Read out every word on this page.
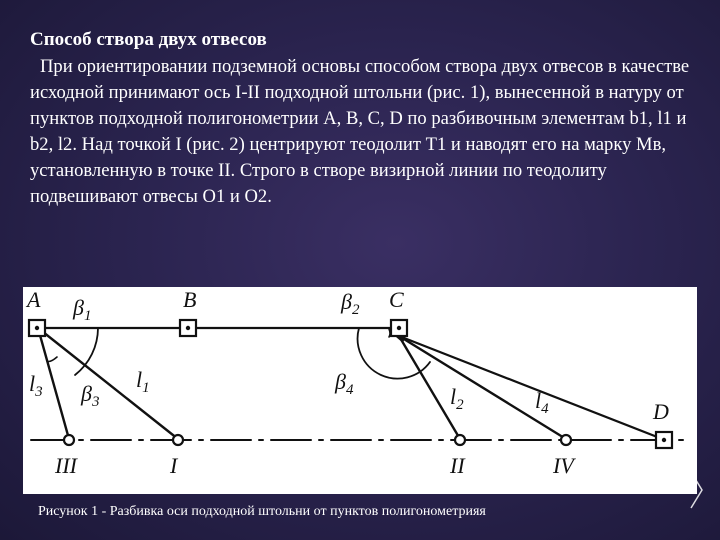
Способ створа двух отвесов
При ориентировании подземной основы способом створа двух отвесов в качестве исходной принимают ось I-II подходной штольни (рис. 1), вынесенной в натуру от пунктов подходной полигонометрии A, B, C, D по разбивочным элементам b1, l1 и b2, l2. Над точкой I (рис. 2) центрируют теодолит T1 и наводят его на марку Мв, установленную в точке II. Строго в створе визирной линии по теодолиту подвешивают отвесы O1 и O2.
A	B	C
D
III	I	II	IV
$\beta_1$
$\beta_2$
$\beta_3$
$\beta_4$
$l_1$	$l_2$
$l_3$	$l_4$
Рисунок 1 - Разбивка оси подходной штольни от пунктов полигонометрияя
